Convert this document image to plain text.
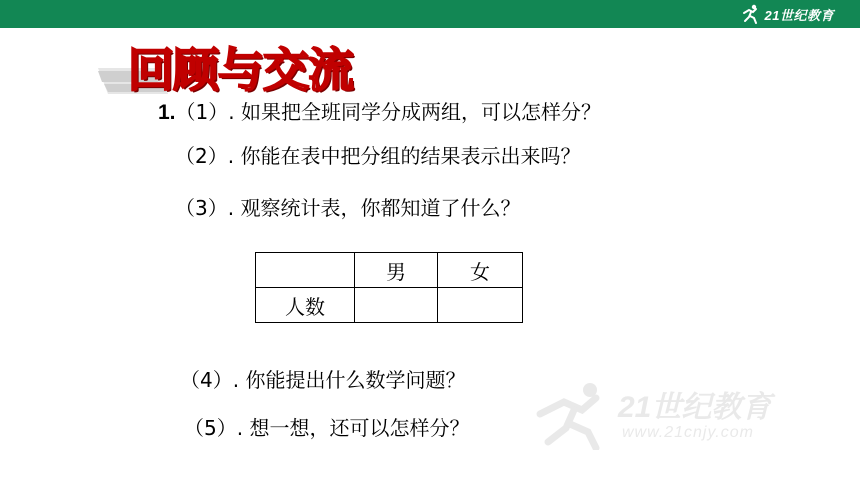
21世纪教育
回顾与交流
1.（1）. 如果把全班同学分成两组，可以怎样分？
（2）. 你能在表中把分组的结果表示出来吗？
（3）. 观察统计表，你都知道了什么？
	男	女
人数		
（4）. 你能提出什么数学问题？
（5）. 想一想，还可以怎样分？
21世纪教育
www.21cnjy.com
